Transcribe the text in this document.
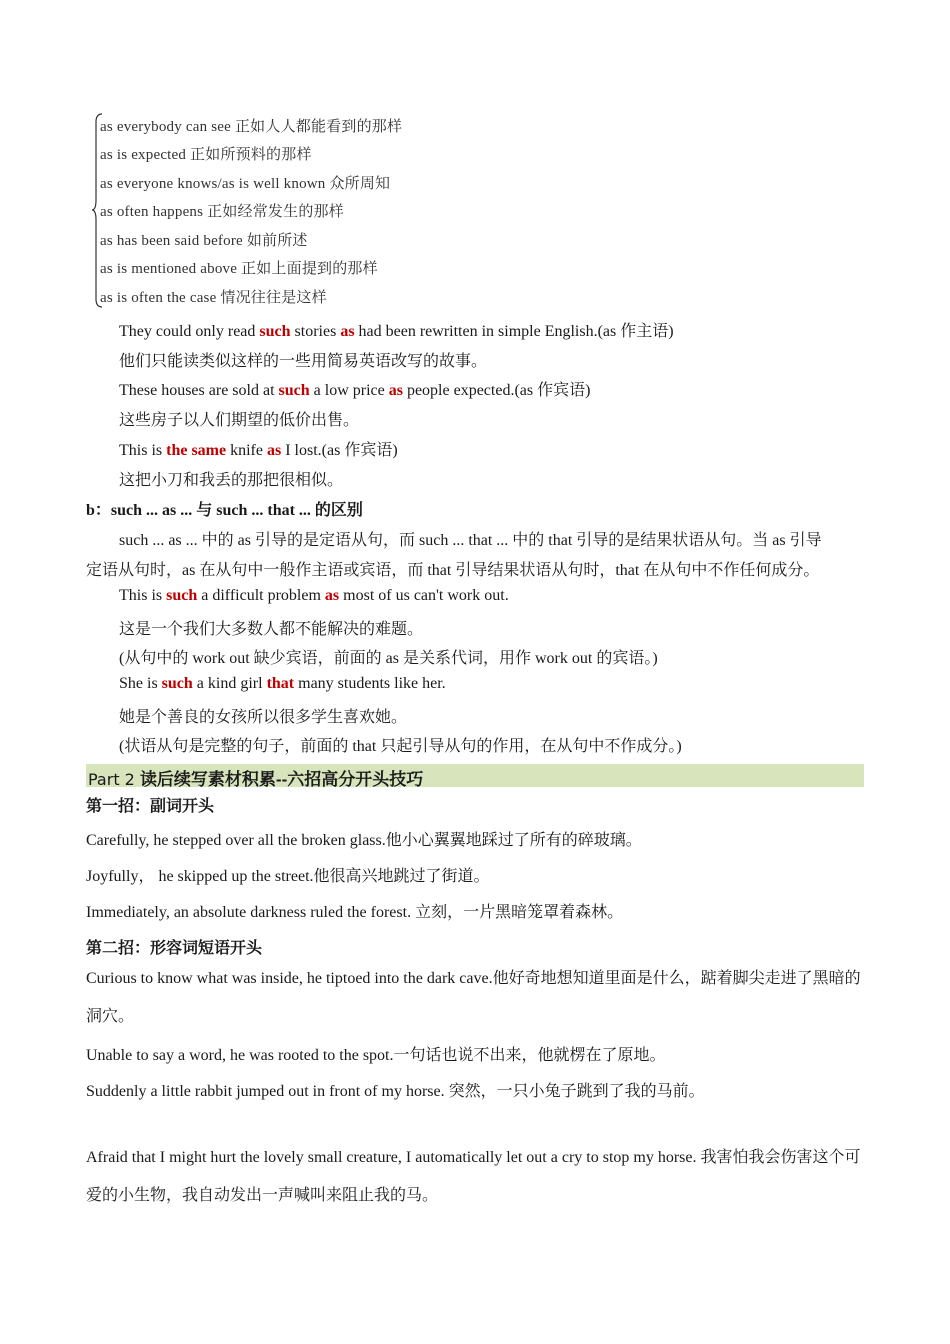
as everybody can see 正如人人都能看到的那样
as is expected 正如所预料的那样
as everyone knows/as is well known 众所周知
as often happens 正如经常发生的那样
as has been said before 如前所述
as is mentioned above 正如上面提到的那样
as is often the case 情况往往是这样
They could only read such stories as had been rewritten in simple English.(as 作主语)
他们只能读类似这样的一些用简易英语改写的故事。
These houses are sold at such a low price as people expected.(as 作宾语)
这些房子以人们期望的低价出售。
This is the same knife as I lost.(as 作宾语)
这把小刀和我丢的那把很相似。
b：such ... as ... 与 such ... that ... 的区别
such ... as ... 中的 as 引导的是定语从句，而 such ... that ... 中的 that 引导的是结果状语从句。当 as 引导
定语从句时，as 在从句中一般作主语或宾语，而 that 引导结果状语从句时，that 在从句中不作任何成分。
This is such a difficult problem as most of us can't work out.
这是一个我们大多数人都不能解决的难题。
(从句中的 work out 缺少宾语，前面的 as 是关系代词，用作 work out 的宾语。)
She is such a kind girl that many students like her.
她是个善良的女孩所以很多学生喜欢她。
(状语从句是完整的句子，前面的 that 只起引导从句的作用，在从句中不作成分。)
Part 2 读后续写素材积累--六招高分开头技巧
第一招：副词开头
Carefully, he stepped over all the broken glass.他小心翼翼地踩过了所有的碎玻璃。
Joyfully， he skipped up the street.他很高兴地跳过了街道。
Immediately, an absolute darkness ruled the forest. 立刻，一片黑暗笼罩着森林。
第二招：形容词短语开头
Curious to know what was inside, he tiptoed into the dark cave.他好奇地想知道里面是什么，踮着脚尖走进了黑暗的洞穴。
Unable to say a word, he was rooted to the spot.一句话也说不出来，他就楞在了原地。
Suddenly a little rabbit jumped out in front of my horse. 突然，一只小兔子跳到了我的马前。
Afraid that I might hurt the lovely small creature, I automatically let out a cry to stop my horse. 我害怕我会伤害这个可爱的小生物，我自动发出一声喊叫来阻止我的马。
